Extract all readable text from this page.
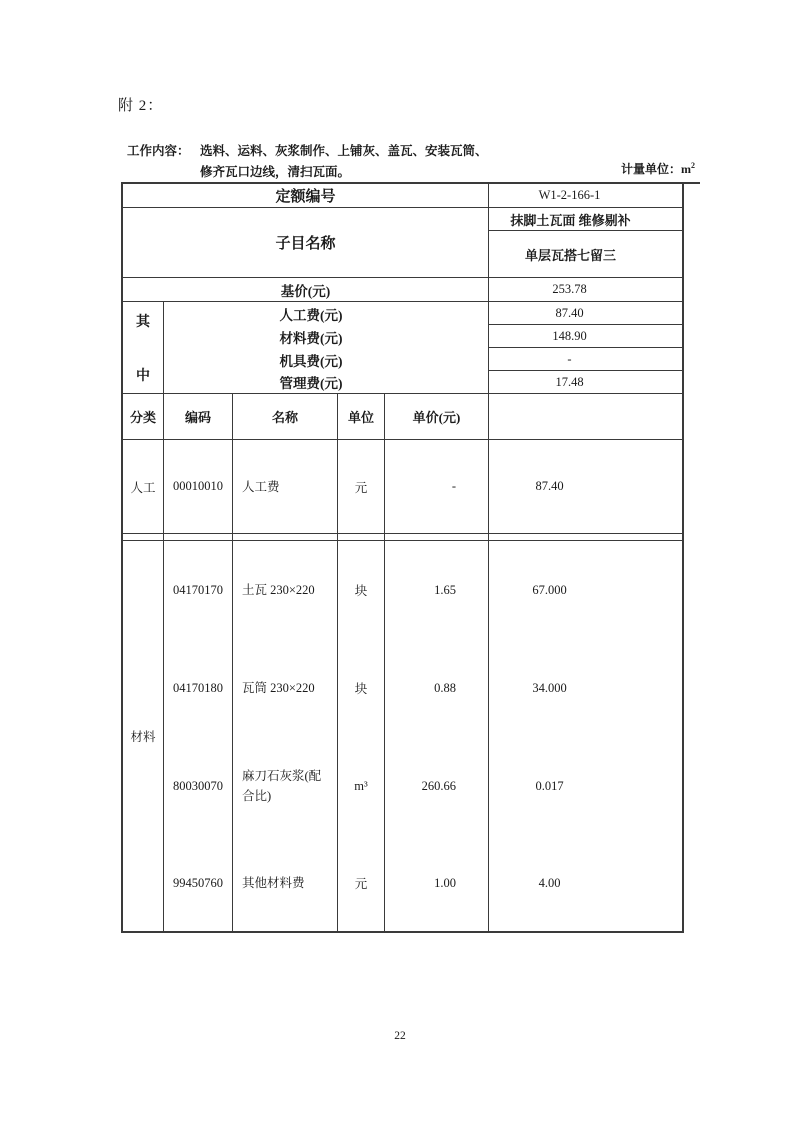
附 2：
工作内容： 选料、运料、灰浆制作、上铺灰、盖瓦、安装瓦筒、
修齐瓦口边线，清扫瓦面。	计量单位：$m^2$
定额编号					W1-2-166-1
子目名称					抹脚土瓦面 维修剔补
					单层瓦搭七留三
基价(元)					253.78

其
中	人工费(元)				87.40
	材料费(元)				148.90
	机具费(元)				-
	管理费(元)				17.48
分类	编码	名称	单位	单价(元)	
人工	00010010	人工费	元	-	87.40

材料	04170170	土瓦 230×220	块	1.65	67.000
	04170180	瓦筒 230×220	块	0.88	34.000
	80030070	麻刀石灰浆(配合比)	m³	260.66	0.017
	99450760	其他材料费	元	1.00	4.00
22
